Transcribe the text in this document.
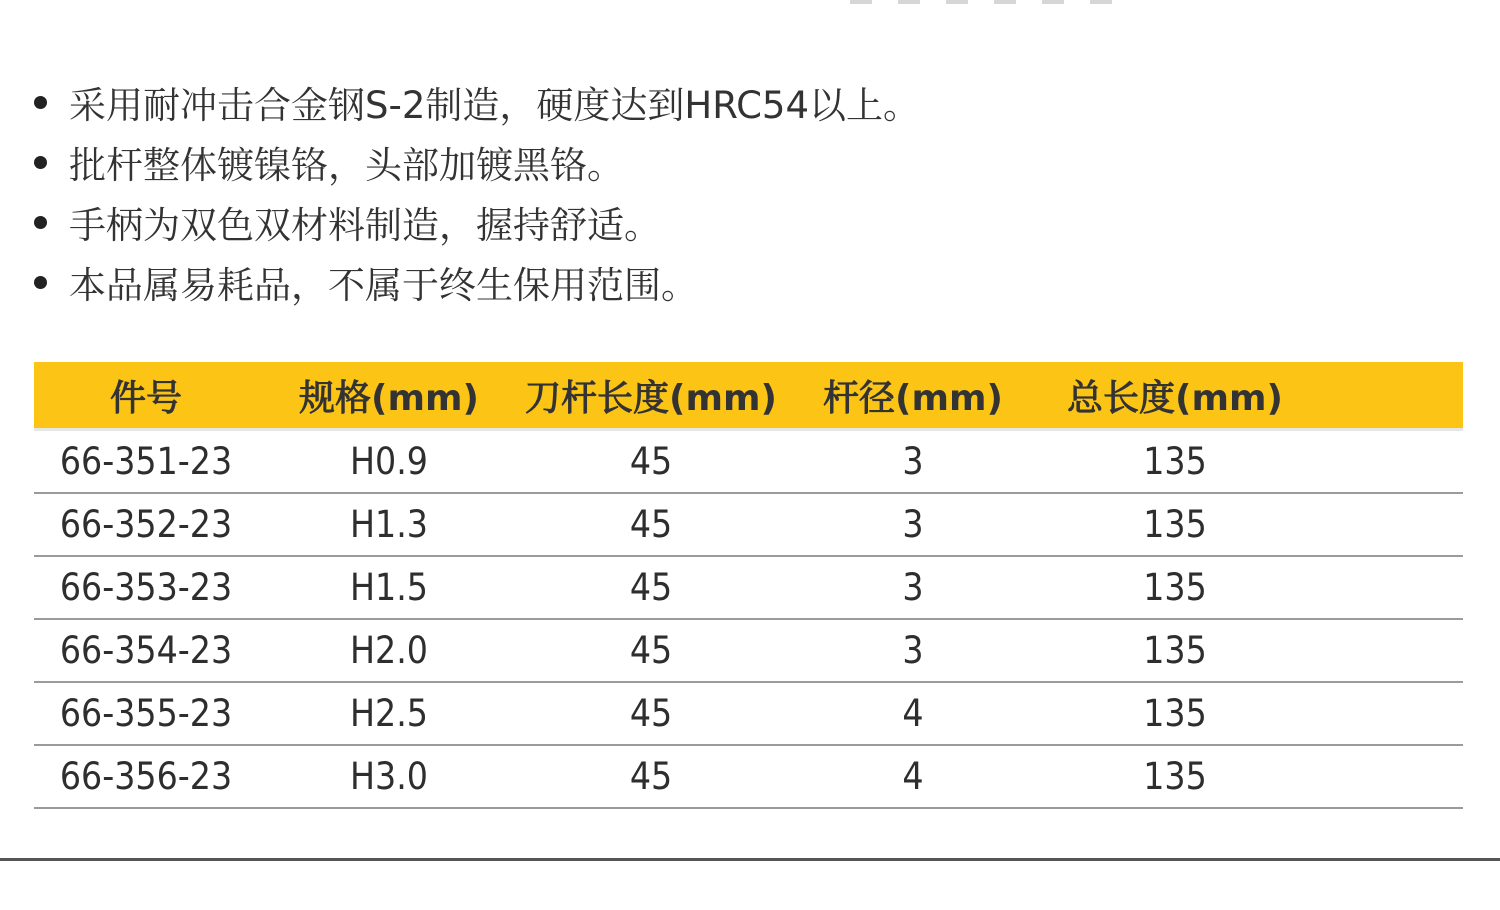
采用耐冲击合金钢S-2制造，硬度达到HRC54以上。
批杆整体镀镍铬，头部加镀黑铬。
手柄为双色双材料制造，握持舒适。
本品属易耗品，不属于终生保用范围。
件号	规格(mm)	刀杆长度(mm)	杆径(mm)	总长度(mm)	
66-351-23	H0.9	45	3	135	
66-352-23	H1.3	45	3	135	
66-353-23	H1.5	45	3	135	
66-354-23	H2.0	45	3	135	
66-355-23	H2.5	45	4	135	
66-356-23	H3.0	45	4	135	
